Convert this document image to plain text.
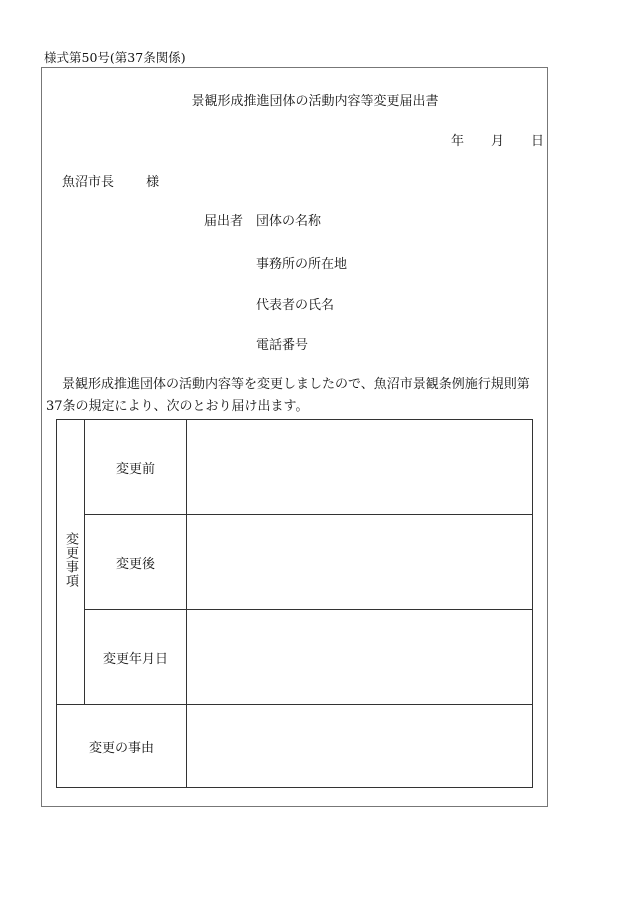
様式第50号(第37条関係)
景観形成推進団体の活動内容等変更届出書
年 月 日
魚沼市長 様
届出者 団体の名称
事務所の所在地
代表者の氏名
電話番号

景観形成推進団体の活動内容等を変更しましたので、魚沼市景観条例施行規則第

37条の規定により、次のとおり届け出ます。

変更事項	変更前	
	変更後	
	変更年月日	
変更の事由		
